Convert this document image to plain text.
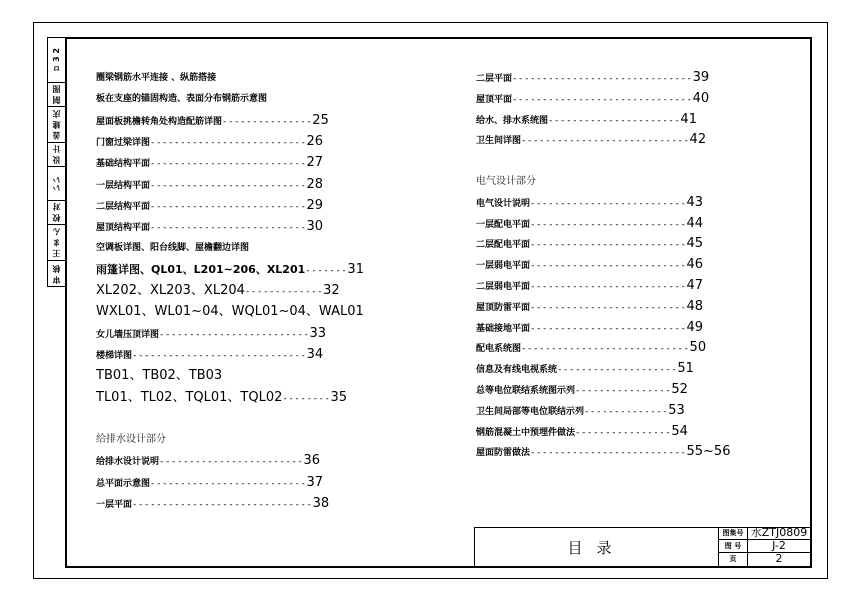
审 核
王 ま ん
校 对
いい
设 计
盖 建 庆
制 图
ロ 3 2
圈梁钢筋水平连接 、纵筋搭接
板在支座的锚固构造、表面分布钢筋示意图
屋面板挑檐转角处构造配筋详图---------------25
门窗过梁详图--------------------------26
基础结构平面--------------------------27
一层结构平面--------------------------28
二层结构平面--------------------------29
屋顶结构平面--------------------------30
空调板详图、阳台线脚、屋檐翻边详图
雨篷详图、QL01、L201~206、XL201-------31
XL202、XL203、XL204-------------32
WXL01、WL01~04、WQL01~04、WAL01
女儿墙压顶详图-------------------------33
楼梯详图-----------------------------34
TB01、TB02、TB03
TL01、TL02、TQL01、TQL02--------35
给排水设计部分
给排水设计说明------------------------36
总平面示意图--------------------------37
一层平面------------------------------38
二层平面------------------------------39
屋顶平面------------------------------40
给水、排水系统图----------------------41
卫生间详图----------------------------42
电气设计部分
电气设计说明--------------------------43
一层配电平面--------------------------44
二层配电平面--------------------------45
一层弱电平面--------------------------46
二层弱电平面--------------------------47
屋顶防雷平面--------------------------48
基础接地平面--------------------------49
配电系统图----------------------------50
信息及有线电视系统--------------------51
总等电位联结系统图示列----------------52
卫生间局部等电位联结示列--------------53
钢筋混凝土中预埋件做法----------------54
屋面防雷做法--------------------------55~56
目录
图集号 水ZTJ0809
图 号	J-2
页	2
